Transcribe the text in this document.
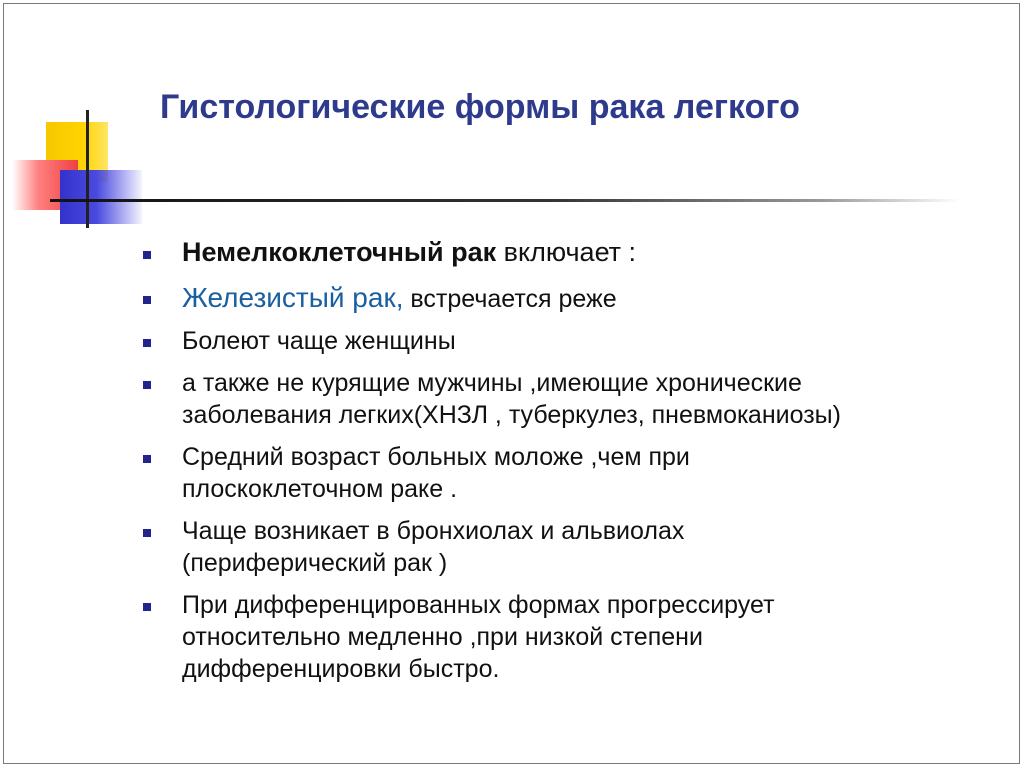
Гистологические формы рака легкого
Немелкоклеточный рак включает :
Железистый рак, встречается реже
Болеют чаще женщины
а также не курящие мужчины ,имеющие хронические
заболевания легких(ХНЗЛ , туберкулез, пневмокaниозы)
Средний возраст больных моложе ,чем при
плоскоклеточном раке .
Чаще возникает в бронхиолах и альвиолах
(периферический рак )
При дифференцированных формах прогрессирует
относительно медленно ,при низкой степени
дифференцировки быстро.
